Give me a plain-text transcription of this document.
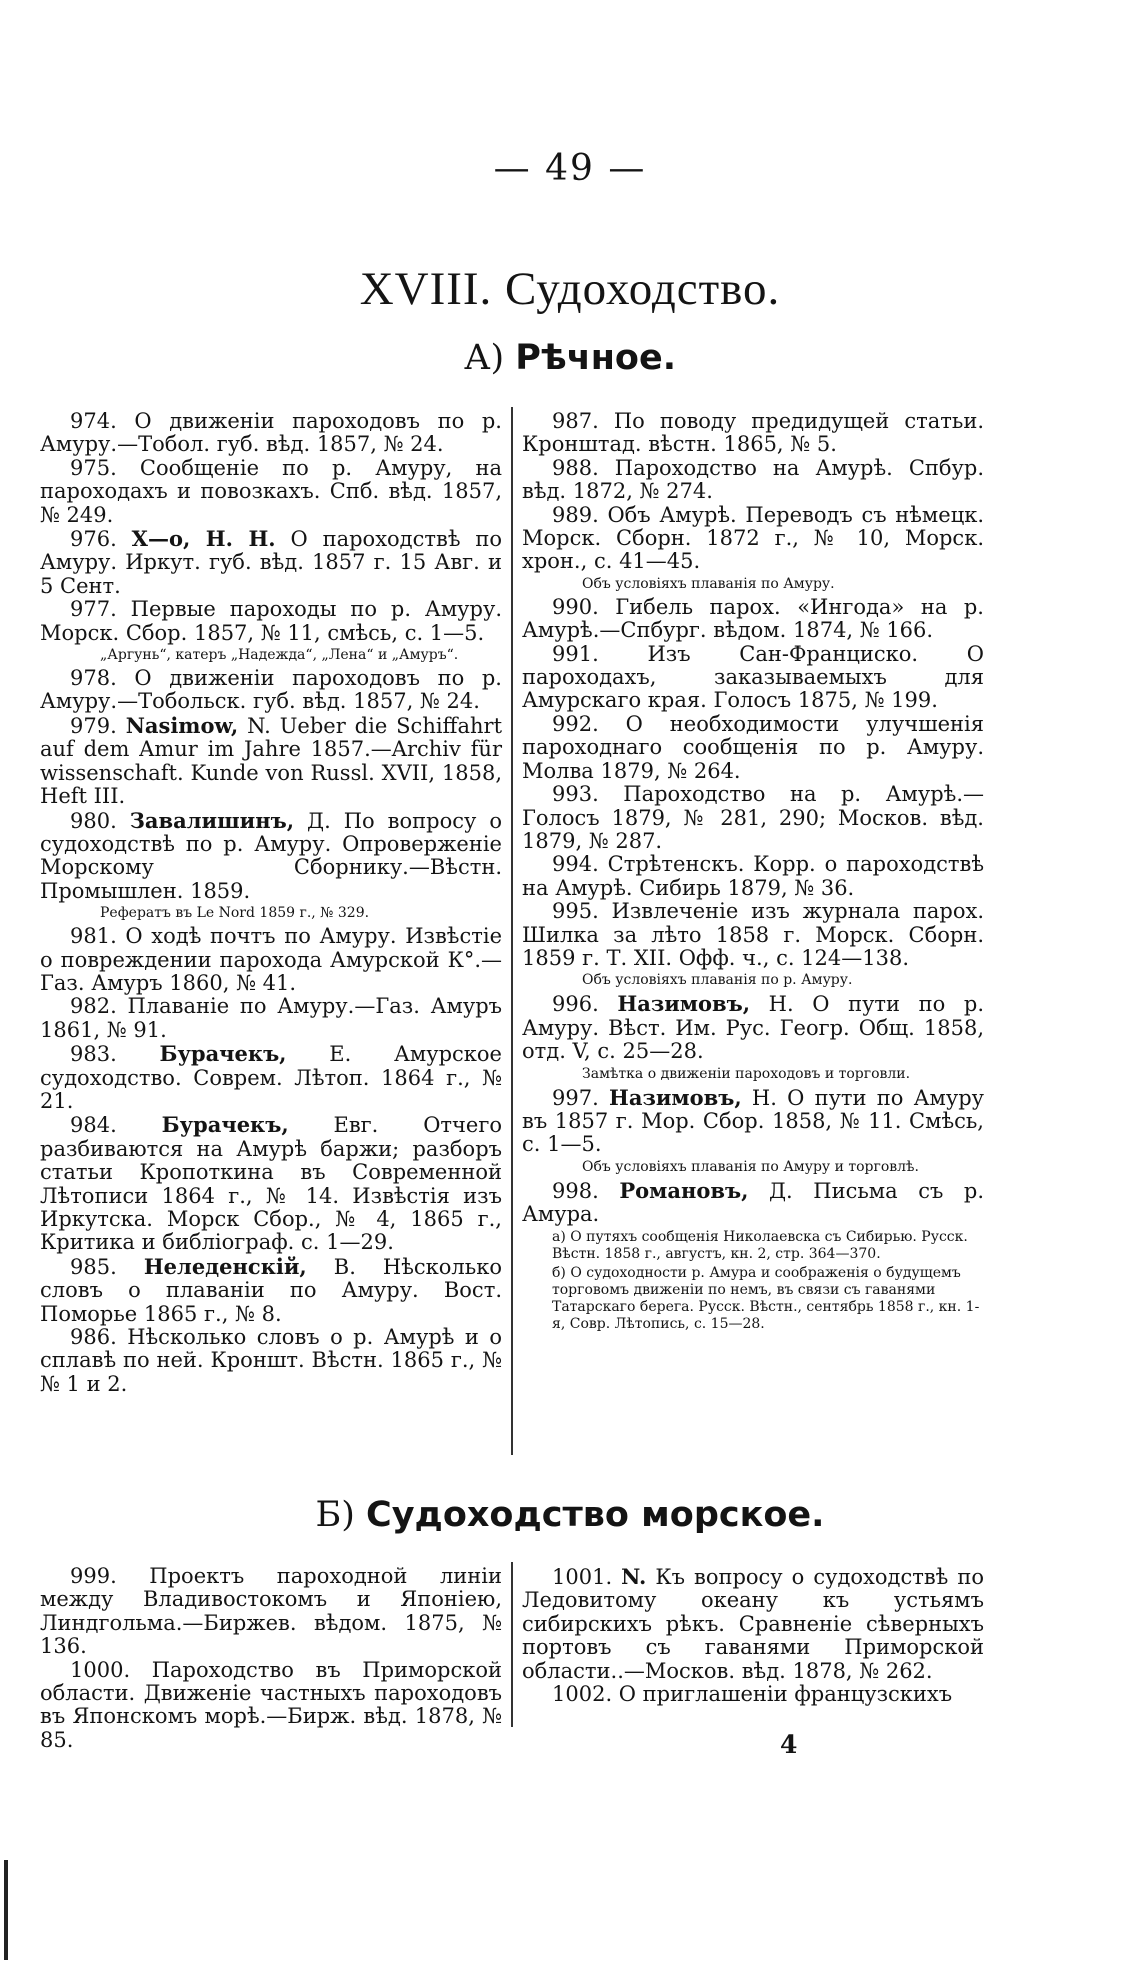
— 49 —
XVIII. Судоходство.
А) Рѣчное.

974. О движеніи пароходовъ по р. Амуру.—Тобол. губ. вѣд. 1857, № 24.

975. Сообщеніе по р. Амуру, на пароходахъ и повозкахъ. Спб. вѣд. 1857, № 249.

976. Х—о, Н. Н. О пароходствѣ по Амуру. Иркут. губ. вѣд. 1857 г. 15 Авг. и 5 Сент.

977. Первые пароходы по р. Амуру. Морск. Сбор. 1857, № 11, смѣсь, с. 1—5.

„Аргунь“, катеръ „Надежда“, „Лена“ и „Амуръ“.

978. О движеніи пароходовъ по р. Амуру.—Тобольск. губ. вѣд. 1857, № 24.

979. Nasimow, N. Ueber die Schiffahrt auf dem Amur im Jahre 1857.—Archiv für wissenschaft. Kunde von Russl. XVII, 1858, Heft III.

980. Завалишинъ, Д. По вопросу о судоходствѣ по р. Амуру. Опроверженіе Морскому Сборнику.—Вѣстн. Промышлен. 1859.

Рефератъ въ Le Nord 1859 г., № 329.

981. О ходѣ почтъ по Амуру. Извѣстіе о повреждении парохода Амурской К°.—Газ. Амуръ 1860, № 41.

982. Плаваніе по Амуру.—Газ. Амуръ 1861, № 91.

983. Бурачекъ, Е. Амурское судоходство. Соврем. Лѣтоп. 1864 г., № 21.

984. Бурачекъ, Евг. Отчего разбиваются на Амурѣ баржи; разборъ статьи Кропоткина въ Современной Лѣтописи 1864 г., № 14. Извѣстія изъ Иркутска. Морск Сбор., № 4, 1865 г., Критика и библіограф. с. 1—29.

985. Неледенскій, В. Нѣсколько словъ о плаваніи по Амуру. Вост. Поморье 1865 г., № 8.

986. Нѣсколько словъ о р. Амурѣ и о сплавѣ по ней. Кроншт. Вѣстн. 1865 г., №№ 1 и 2.

987. По поводу предидущей статьи. Кронштад. вѣстн. 1865, № 5.

988. Пароходство на Амурѣ. Спбур. вѣд. 1872, № 274.

989. Объ Амурѣ. Переводъ съ нѣмецк. Морск. Сборн. 1872 г., № 10, Морск. хрон., с. 41—45.

Объ условіяхъ плаванія по Амуру.

990. Гибель парох. «Ингода» на р. Амурѣ.—Спбург. вѣдом. 1874, № 166.

991. Изъ Сан-Франциско. О пароходахъ, заказываемыхъ для Амурскаго края. Голосъ 1875, № 199.

992. О необходимости улучшенія пароходнаго сообщенія по р. Амуру. Молва 1879, № 264.

993. Пароходство на р. Амурѣ.—Голосъ 1879, № 281, 290; Москов. вѣд. 1879, № 287.

994. Стрѣтенскъ. Корр. о пароходствѣ на Амурѣ. Сибирь 1879, № 36.

995. Извлеченіе изъ журнала парох. Шилка за лѣто 1858 г. Морск. Сборн. 1859 г. Т. XII. Офф. ч., с. 124—138.

Объ условіяхъ плаванія по р. Амуру.

996. Назимовъ, Н. О пути по р. Амуру. Вѣст. Им. Рус. Геогр. Общ. 1858, отд. V, с. 25—28.

Замѣтка о движеніи пароходовъ и торговли.

997. Назимовъ, Н. О пути по Амуру въ 1857 г. Мор. Сбор. 1858, № 11. Смѣсь, с. 1—5.

Объ условіяхъ плаванія по Амуру и торговлѣ.

998. Романовъ, Д. Письма съ р. Амура.

а) О путяхъ сообщенія Николаевска съ Сибирью. Русск. Вѣстн. 1858 г., августъ, кн. 2, стр. 364—370.

б) О судоходности р. Амура и соображенія о будущемъ торговомъ движеніи по немъ, въ связи съ гаванями Татарскаго берега. Русск. Вѣстн., сентябрь 1858 г., кн. 1-я, Совр. Лѣтопись, с. 15—28.

Б) Судоходство морское.

999. Проектъ пароходной линіи между Владивостокомъ и Японіею, Линдгольма.—Биржев. вѣдом. 1875, № 136.

1000. Пароходство въ Приморской области. Движеніе частныхъ пароходовъ въ Японскомъ морѣ.—Бирж. вѣд. 1878, № 85.

1001. N. Къ вопросу о судоходствѣ по Ледовитому океану къ устьямъ сибирскихъ рѣкъ. Сравненіе сѣверныхъ портовъ съ гаванями Приморской области..—Москов. вѣд. 1878, № 262.

1002. О приглашеніи французскихъ

4
